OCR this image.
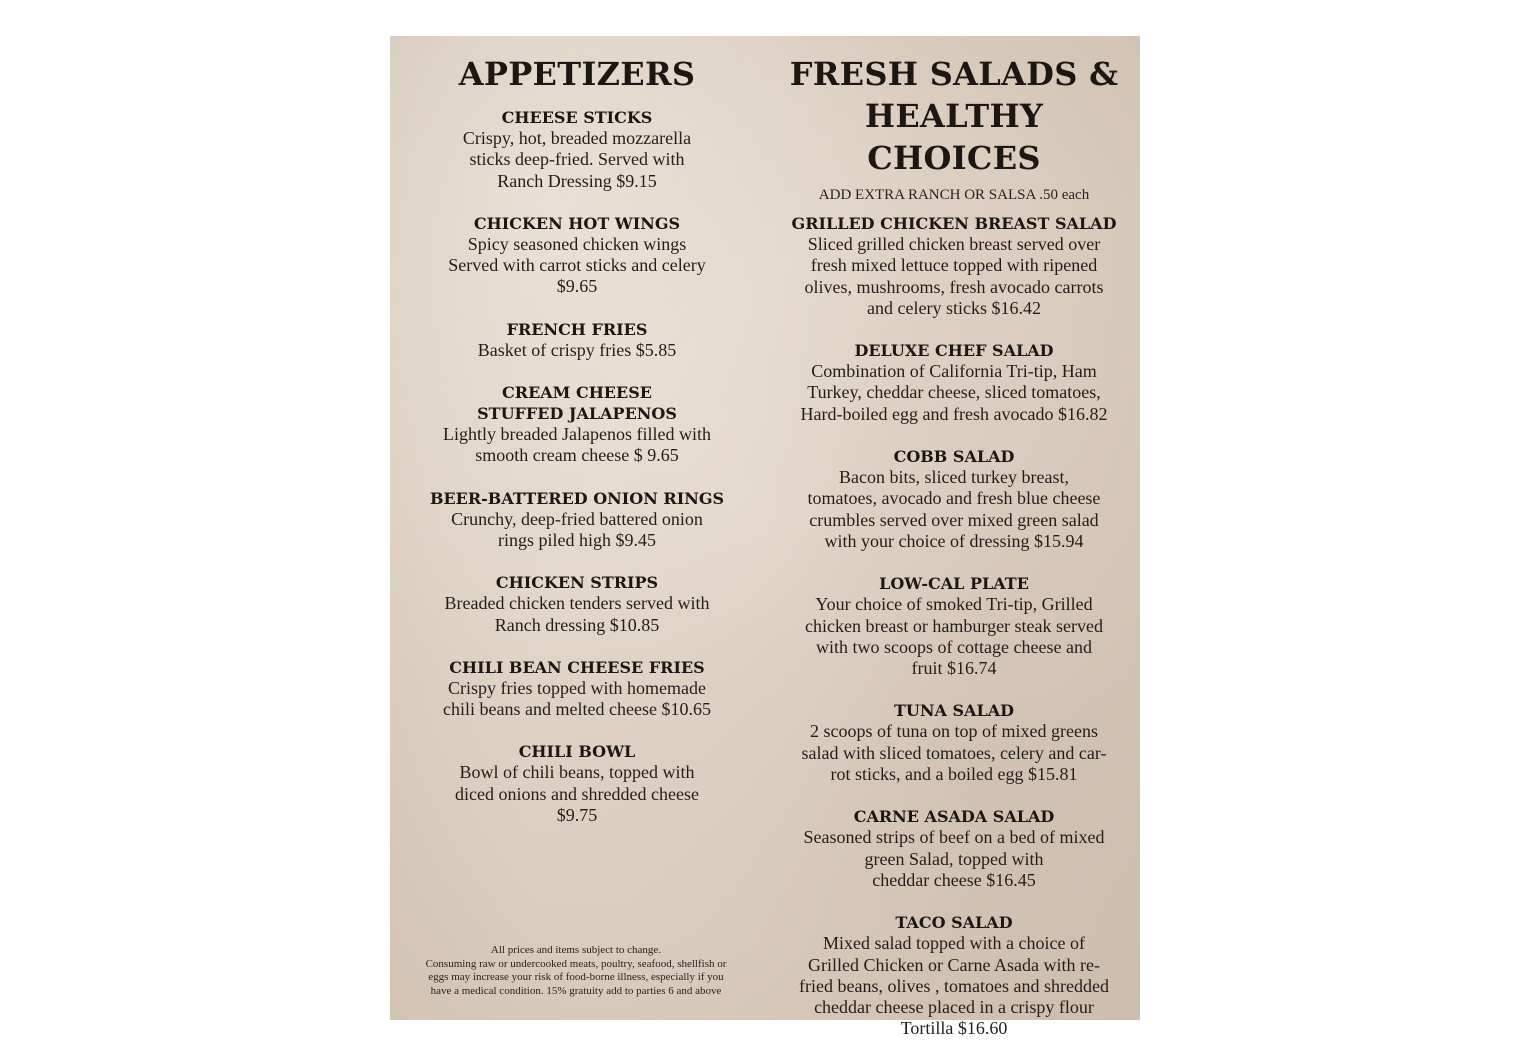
APPETIZERS
CHEESE STICKS
Crispy, hot, breaded mozzarella
sticks deep-fried. Served with
Ranch Dressing $9.15
CHICKEN HOT WINGS
Spicy seasoned chicken wings
Served with carrot sticks and celery
$9.65
FRENCH FRIES
Basket of crispy fries $5.85
CREAM CHEESE
STUFFED JALAPENOS
Lightly breaded Jalapenos filled with
smooth cream cheese $ 9.65
BEER-BATTERED ONION RINGS
Crunchy, deep-fried battered onion
rings piled high $9.45
CHICKEN STRIPS
Breaded chicken tenders served with
Ranch dressing $10.85
CHILI BEAN CHEESE FRIES
Crispy fries topped with homemade
chili beans and melted cheese $10.65
CHILI BOWL
Bowl of chili beans, topped with
diced onions and shredded cheese
$9.75
All prices and items subject to change.
Consuming raw or undercooked meats, poultry, seafood, shellfish or
eggs may increase your risk of food-borne illness, especially if you
have a medical condition. 15% gratuity add to parties 6 and above
FRESH SALADS &
HEALTHY CHOICES
ADD EXTRA RANCH OR SALSA .50 each
GRILLED CHICKEN BREAST SALAD
Sliced grilled chicken breast served over
fresh mixed lettuce topped with ripened
olives, mushrooms, fresh avocado carrots
and celery sticks $16.42
DELUXE CHEF SALAD
Combination of California Tri-tip, Ham
Turkey, cheddar cheese, sliced tomatoes,
Hard-boiled egg and fresh avocado $16.82
COBB SALAD
Bacon bits, sliced turkey breast,
tomatoes, avocado and fresh blue cheese
crumbles served over mixed green salad
with your choice of dressing $15.94
LOW-CAL PLATE
Your choice of smoked Tri-tip, Grilled
chicken breast or hamburger steak served
with two scoops of cottage cheese and
fruit $16.74
TUNA SALAD
2 scoops of tuna on top of mixed greens
salad with sliced tomatoes, celery and car-
rot sticks, and a boiled egg $15.81
CARNE ASADA SALAD
Seasoned strips of beef on a bed of mixed
green Salad, topped with
cheddar cheese $16.45
TACO SALAD
Mixed salad topped with a choice of
Grilled Chicken or Carne Asada with re-
fried beans, olives , tomatoes and shredded
cheddar cheese placed in a crispy flour
Tortilla $16.60
